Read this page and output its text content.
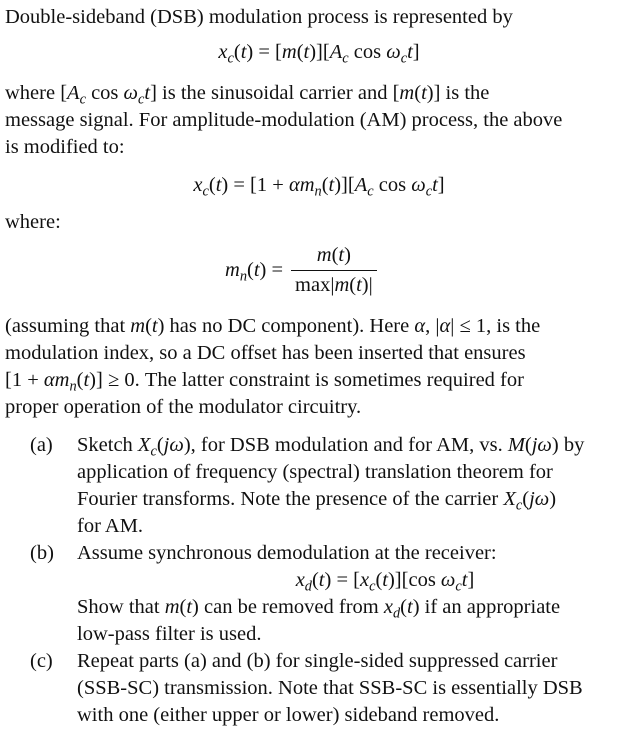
Double-sideband (DSB) modulation process is represented by
$x_c(t) = [m(t)][A_c$ $\cos \omega_ct$]
where [$A_c$ $\cos \omega_ct$] is the sinusoidal carrier and [m(t)] is the
message signal. For amplitude-modulation (AM) process, the above
is modified to:
$x_c(t) = [1 + \alpha m_n(t)][A_c$ $\cos \omega_ct$]
where:
$m_n(t) = \frac{m(t)}{\max|m(t)|}$
(assuming that m(t) has no DC component). Here α, |α| ≤ 1, is the
modulation index, so a DC offset has been inserted that ensures
$[1 + \alpha m_n(t)] \ge 0$. The latter constraint is sometimes required for
proper operation of the modulator circuitry.
(a) Sketch $X_c(j\omega)$, for DSB modulation and for AM, vs. M(jω) by
application of frequency (spectral) translation theorem for
Fourier transforms. Note the presence of the carrier $X_c(j\omega)$
for AM.
(b) Assume synchronous demodulation at the receiver:
$x_d(t) = [x_c(t)][\cos$ $\omega_ct$]
Show that m(t) can be removed from $x_d(t)$ if an appropriate
low-pass filter is used.
(c) Repeat parts (a) and (b) for single-sided suppressed carrier
(SSB-SC) transmission. Note that SSB-SC is essentially DSB
with one (either upper or lower) sideband removed.
